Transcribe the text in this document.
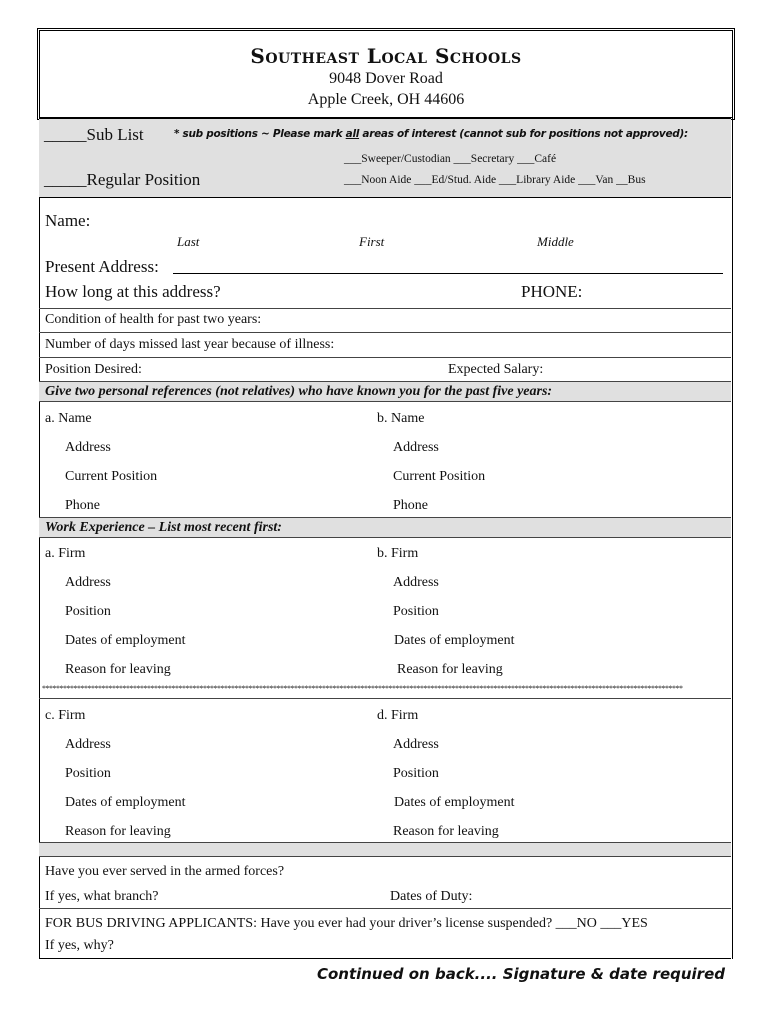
Southeast Local Schools
9048 Dover Road
Apple Creek, OH 44606
_____Sub List	* sub positions ~ Please mark all areas of interest (cannot sub for positions not approved):
___Sweeper/Custodian ___Secretary ___Café
_____Regular Position	___Noon Aide ___Ed/Stud. Aide ___Library Aide ___Van __Bus
Name:
Last	First	Middle
Present Address:
How long at this address?	PHONE:
Condition of health for past two years:
Number of days missed last year because of illness:
Position Desired:	Expected Salary:
Give two personal references (not relatives) who have known you for the past five years:
a. Name	b. Name
Address	Address
Current Position	Current Position
Phone	Phone
Work Experience – List most recent first:
a. Firm	b. Firm
Address	Address
Position	Position
Dates of employment	Dates of employment
Reason for leaving	Reason for leaving
***************************************************************************************************************************************************************************************
c. Firm	d. Firm
Address	Address
Position	Position
Dates of employment	Dates of employment
Reason for leaving	Reason for leaving
Have you ever served in the armed forces?
If yes, what branch?	Dates of Duty:
FOR BUS DRIVING APPLICANTS: Have you ever had your driver’s license suspended? ___NO ___YES
If yes, why?
Continued on back.... Signature & date required
